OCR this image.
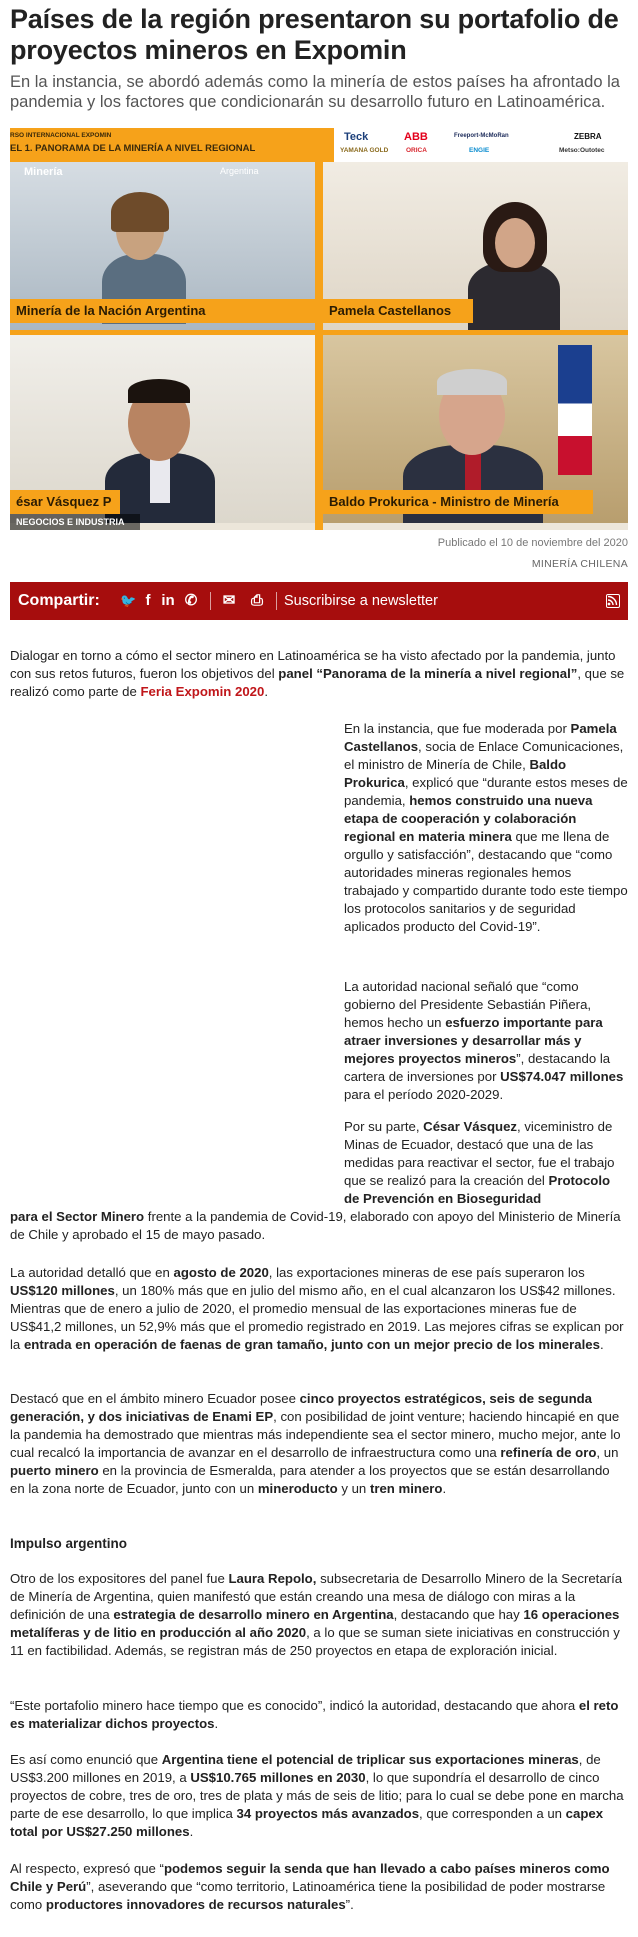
Países de la región presentaron su portafolio de proyectos mineros en Expomin

En la instancia, se abordó además como la minería de estos países ha afrontado la pandemia y los factores que condicionarán su desarrollo futuro en Latinoamérica.

RSO INTERNACIONAL EXPOMIN
EL 1. PANORAMA DE LA MINERÍA A NIVEL REGIONAL
Teck	ABB	Freeport-McMoRan	ZEBRA
YAMANA GOLD	ORICA	ENGIE	Metso:Outotec
Minería	Argentina
Minería de la Nación Argentina	Pamela Castellanos
ésar Vásquez P	Baldo Prokurica - Ministro de Minería
NEGOCIOS E INDUSTRIA
Publicado el 10 de noviembre del 2020
MINERÍA CHILENA
Compartir: 🐦 f in ✆ ✉ ⎙ Suscribirse a newsletter

Dialogar en torno a cómo el sector minero en Latinoamérica se ha visto afectado por la pandemia, junto con sus retos futuros, fueron los objetivos del panel “Panorama de la minería a nivel regional”, que se realizó como parte de Feria Expomin 2020.

En la instancia, que fue moderada por Pamela Castellanos, socia de Enlace Comunicaciones, el ministro de Minería de Chile, Baldo Prokurica, explicó que “durante estos meses de pandemia, hemos construido una nueva etapa de cooperación y colaboración regional en materia minera que me llena de orgullo y satisfacción”, destacando que “como autoridades mineras regionales hemos trabajado y compartido durante todo este tiempo los protocolos sanitarios y de seguridad aplicados producto del Covid-19”.

La autoridad nacional señaló que “como gobierno del Presidente Sebastián Piñera, hemos hecho un esfuerzo importante para atraer inversiones y desarrollar más y mejores proyectos mineros”, destacando la cartera de inversiones por US$74.047 millones para el período 2020-2029.

Por su parte, César Vásquez, viceministro de Minas de Ecuador, destacó que una de las medidas para reactivar el sector, fue el trabajo que se realizó para la creación del Protocolo de Prevención en Bioseguridad

para el Sector Minero frente a la pandemia de Covid-19, elaborado con apoyo del Ministerio de Minería de Chile y aprobado el 15 de mayo pasado.

La autoridad detalló que en agosto de 2020, las exportaciones mineras de ese país superaron los US$120 millones, un 180% más que en julio del mismo año, en el cual alcanzaron los US$42 millones. Mientras que de enero a julio de 2020, el promedio mensual de las exportaciones mineras fue de US$41,2 millones, un 52,9% más que el promedio registrado en 2019. Las mejores cifras se explican por la entrada en operación de faenas de gran tamaño, junto con un mejor precio de los minerales.

Destacó que en el ámbito minero Ecuador posee cinco proyectos estratégicos, seis de segunda generación, y dos iniciativas de Enami EP, con posibilidad de joint venture; haciendo hincapié en que la pandemia ha demostrado que mientras más independiente sea el sector minero, mucho mejor, ante lo cual recalcó la importancia de avanzar en el desarrollo de infraestructura como una refinería de oro, un puerto minero en la provincia de Esmeralda, para atender a los proyectos que se están desarrollando en la zona norte de Ecuador, junto con un mineroducto y un tren minero.

Impulso argentino

Otro de los expositores del panel fue Laura Repolo, subsecretaria de Desarrollo Minero de la Secretaría de Minería de Argentina, quien manifestó que están creando una mesa de diálogo con miras a la definición de una estrategia de desarrollo minero en Argentina, destacando que hay 16 operaciones metalíferas y de litio en producción al año 2020, a lo que se suman siete iniciativas en construcción y 11 en factibilidad. Además, se registran más de 250 proyectos en etapa de exploración inicial.

“Este portafolio minero hace tiempo que es conocido”, indicó la autoridad, destacando que ahora el reto es materializar dichos proyectos.

Es así como enunció que Argentina tiene el potencial de triplicar sus exportaciones mineras, de US$3.200 millones en 2019, a US$10.765 millones en 2030, lo que supondría el desarrollo de cinco proyectos de cobre, tres de oro, tres de plata y más de seis de litio; para lo cual se debe pone en marcha parte de ese desarrollo, lo que implica 34 proyectos más avanzados, que corresponden a un capex total por US$27.250 millones.

Al respecto, expresó que “podemos seguir la senda que han llevado a cabo países mineros como Chile y Perú”, aseverando que “como territorio, Latinoamérica tiene la posibilidad de poder mostrarse como productores innovadores de recursos naturales”.
